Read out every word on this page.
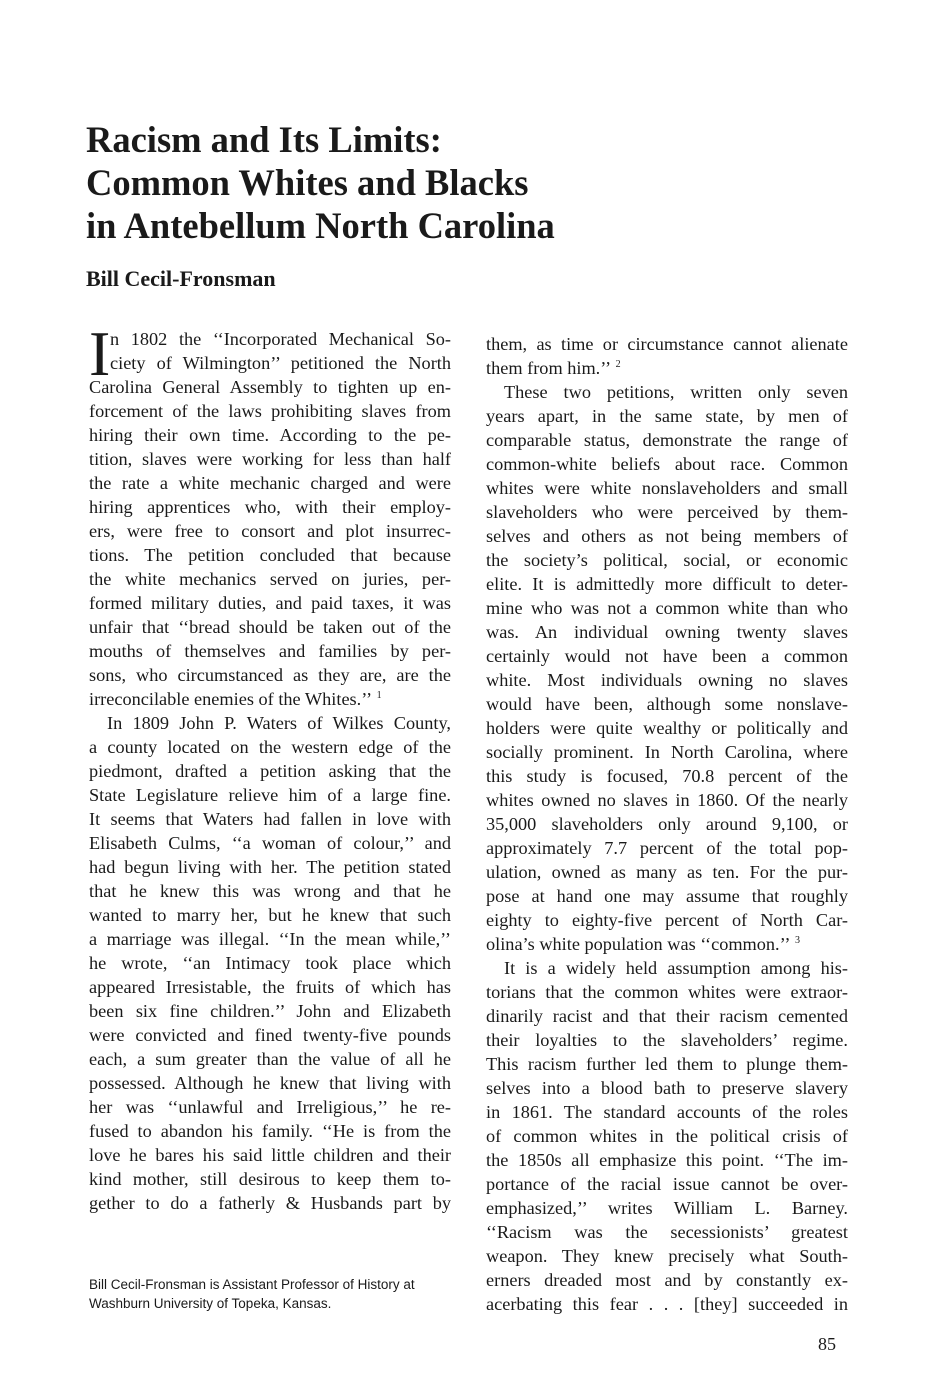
Racism and Its Limits:
Common Whites and Blacks
in Antebellum North Carolina
Bill Cecil-Fronsman
I n 1802 the ‘‘Incorporated Mechanical So-
ciety of Wilmington’’ petitioned the North
Carolina General Assembly to tighten up en-
forcement of the laws prohibiting slaves from
hiring their own time. According to the pe-
tition, slaves were working for less than half
the rate a white mechanic charged and were
hiring apprentices who, with their employ-
ers, were free to consort and plot insurrec-
tions. The petition concluded that because
the white mechanics served on juries, per-
formed military duties, and paid taxes, it was
unfair that ‘‘bread should be taken out of the
mouths of themselves and families by per-
sons, who circumstanced as they are, are the
irreconcilable enemies of the Whites.’’ $^1$
In 1809 John P. Waters of Wilkes County,
a county located on the western edge of the
piedmont, drafted a petition asking that the
State Legislature relieve him of a large fine.
It seems that Waters had fallen in love with
Elisabeth Culms, ‘‘a woman of colour,’’ and
had begun living with her. The petition stated
that he knew this was wrong and that he
wanted to marry her, but he knew that such
a marriage was illegal. ‘‘In the mean while,’’
he wrote, ‘‘an Intimacy took place which
appeared Irresistable, the fruits of which has
been six fine children.’’ John and Elizabeth
were convicted and fined twenty-five pounds
each, a sum greater than the value of all he
possessed. Although he knew that living with
her was ‘‘unlawful and Irreligious,’’ he re-
fused to abandon his family. ‘‘He is from the
love he bares his said little children and their
kind mother, still desirous to keep them to-
gether to do a fatherly & Husbands part by
them, as time or circumstance cannot alienate
them from him.’’ $^2$
These two petitions, written only seven
years apart, in the same state, by men of
comparable status, demonstrate the range of
common-white beliefs about race. Common
whites were white nonslaveholders and small
slaveholders who were perceived by them-
selves and others as not being members of
the society’s political, social, or economic
elite. It is admittedly more difficult to deter-
mine who was not a common white than who
was. An individual owning twenty slaves
certainly would not have been a common
white. Most individuals owning no slaves
would have been, although some nonslave-
holders were quite wealthy or politically and
socially prominent. In North Carolina, where
this study is focused, 70.8 percent of the
whites owned no slaves in 1860. Of the nearly
35,000 slaveholders only around 9,100, or
approximately 7.7 percent of the total pop-
ulation, owned as many as ten. For the pur-
pose at hand one may assume that roughly
eighty to eighty-five percent of North Car-
olina’s white population was ‘‘common.’’ $^3$
It is a widely held assumption among his-
torians that the common whites were extraor-
dinarily racist and that their racism cemented
their loyalties to the slaveholders’ regime.
This racism further led them to plunge them-
selves into a blood bath to preserve slavery
in 1861. The standard accounts of the roles
of common whites in the political crisis of
the 1850s all emphasize this point. ‘‘The im-
portance of the racial issue cannot be over-
emphasized,’’ writes William L. Barney.
‘‘Racism was the secessionists’ greatest
weapon. They knew precisely what South-
erners dreaded most and by constantly ex-
acerbating this fear . . . [they] succeeded in
Bill Cecil-Fronsman is Assistant Professor of History at
Washburn University of Topeka, Kansas.
85
